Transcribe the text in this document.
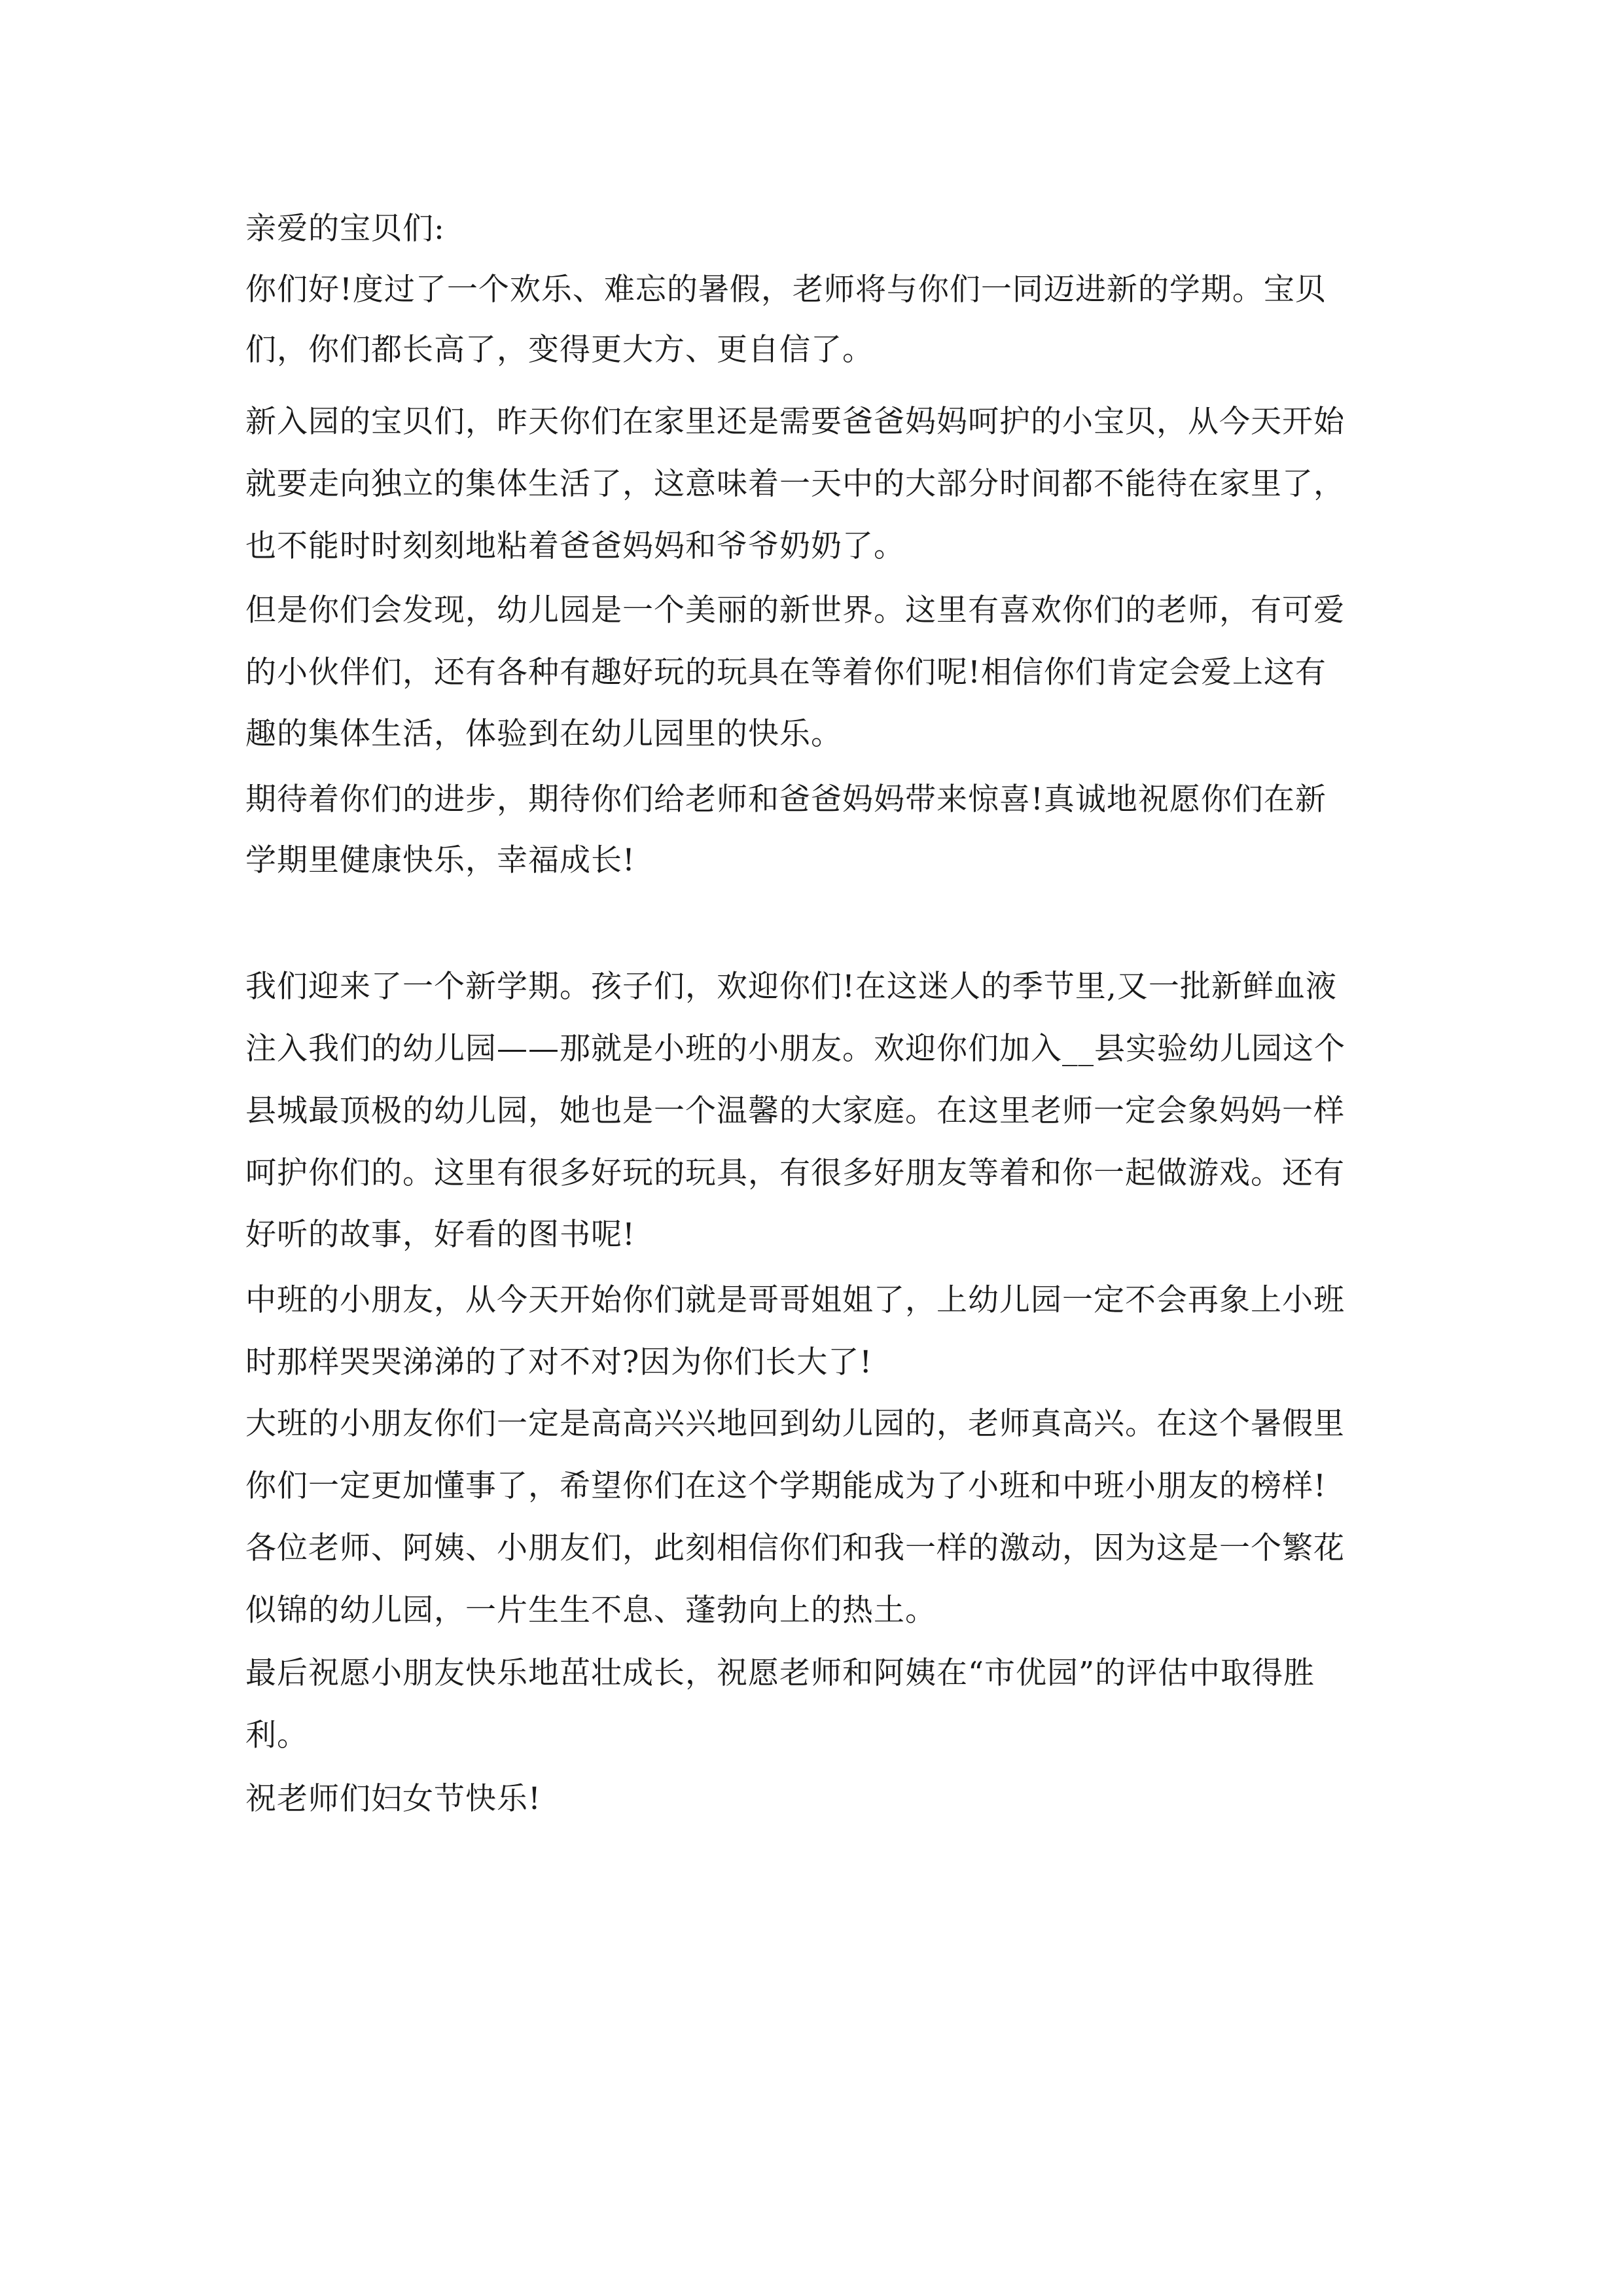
亲爱的宝贝们:
你们好!度过了一个欢乐、难忘的暑假，老师将与你们一同迈进新的学期。宝贝
们，你们都长高了，变得更大方、更自信了。
新入园的宝贝们，昨天你们在家里还是需要爸爸妈妈呵护的小宝贝，从今天开始
就要走向独立的集体生活了，这意味着一天中的大部分时间都不能待在家里了，
也不能时时刻刻地粘着爸爸妈妈和爷爷奶奶了。
但是你们会发现，幼儿园是一个美丽的新世界。这里有喜欢你们的老师，有可爱
的小伙伴们，还有各种有趣好玩的玩具在等着你们呢!相信你们肯定会爱上这有
趣的集体生活，体验到在幼儿园里的快乐。
期待着你们的进步，期待你们给老师和爸爸妈妈带来惊喜!真诚地祝愿你们在新
学期里健康快乐，幸福成长!
我们迎来了一个新学期。孩子们，欢迎你们!在这迷人的季节里,又一批新鲜血液
注入我们的幼儿园——那就是小班的小朋友。欢迎你们加入__县实验幼儿园这个
县城最顶极的幼儿园，她也是一个温馨的大家庭。在这里老师一定会象妈妈一样
呵护你们的。这里有很多好玩的玩具，有很多好朋友等着和你一起做游戏。还有
好听的故事，好看的图书呢!
中班的小朋友，从今天开始你们就是哥哥姐姐了，上幼儿园一定不会再象上小班
时那样哭哭涕涕的了对不对?因为你们长大了!
大班的小朋友你们一定是高高兴兴地回到幼儿园的，老师真高兴。在这个暑假里
你们一定更加懂事了，希望你们在这个学期能成为了小班和中班小朋友的榜样!
各位老师、阿姨、小朋友们，此刻相信你们和我一样的激动，因为这是一个繁花
似锦的幼儿园，一片生生不息、蓬勃向上的热土。
最后祝愿小朋友快乐地茁壮成长，祝愿老师和阿姨在“市优园”的评估中取得胜
利。
祝老师们妇女节快乐!
